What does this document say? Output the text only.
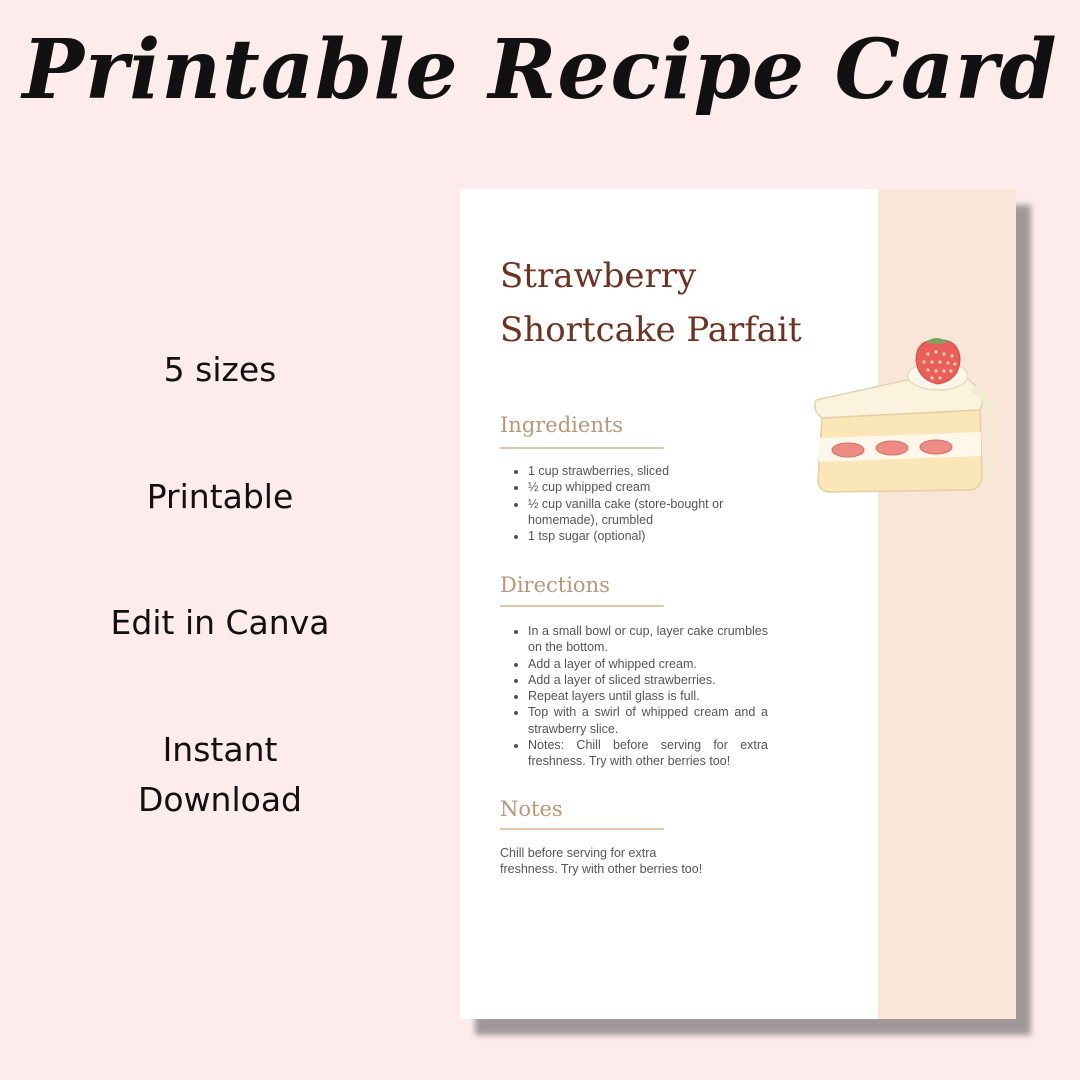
Printable Recipe Card

5 sizes

Printable

Edit in Canva

Instant

Download

Strawberry
Shortcake Parfait
Ingredients
• 1 cup strawberries, sliced
• ½ cup whipped cream
• ½ cup vanilla cake (store-bought or homemade), crumbled
• 1 tsp sugar (optional)
Directions
• In a small bowl or cup, layer cake crumbles on the bottom.
• Add a layer of whipped cream.
• Add a layer of sliced strawberries.
• Repeat layers until glass is full.
• Top with a swirl of whipped cream and a strawberry slice.
• Notes: Chill before serving for extra freshness. Try with other berries too!
Notes

Chill before serving for extra
freshness. Try with other berries too!
